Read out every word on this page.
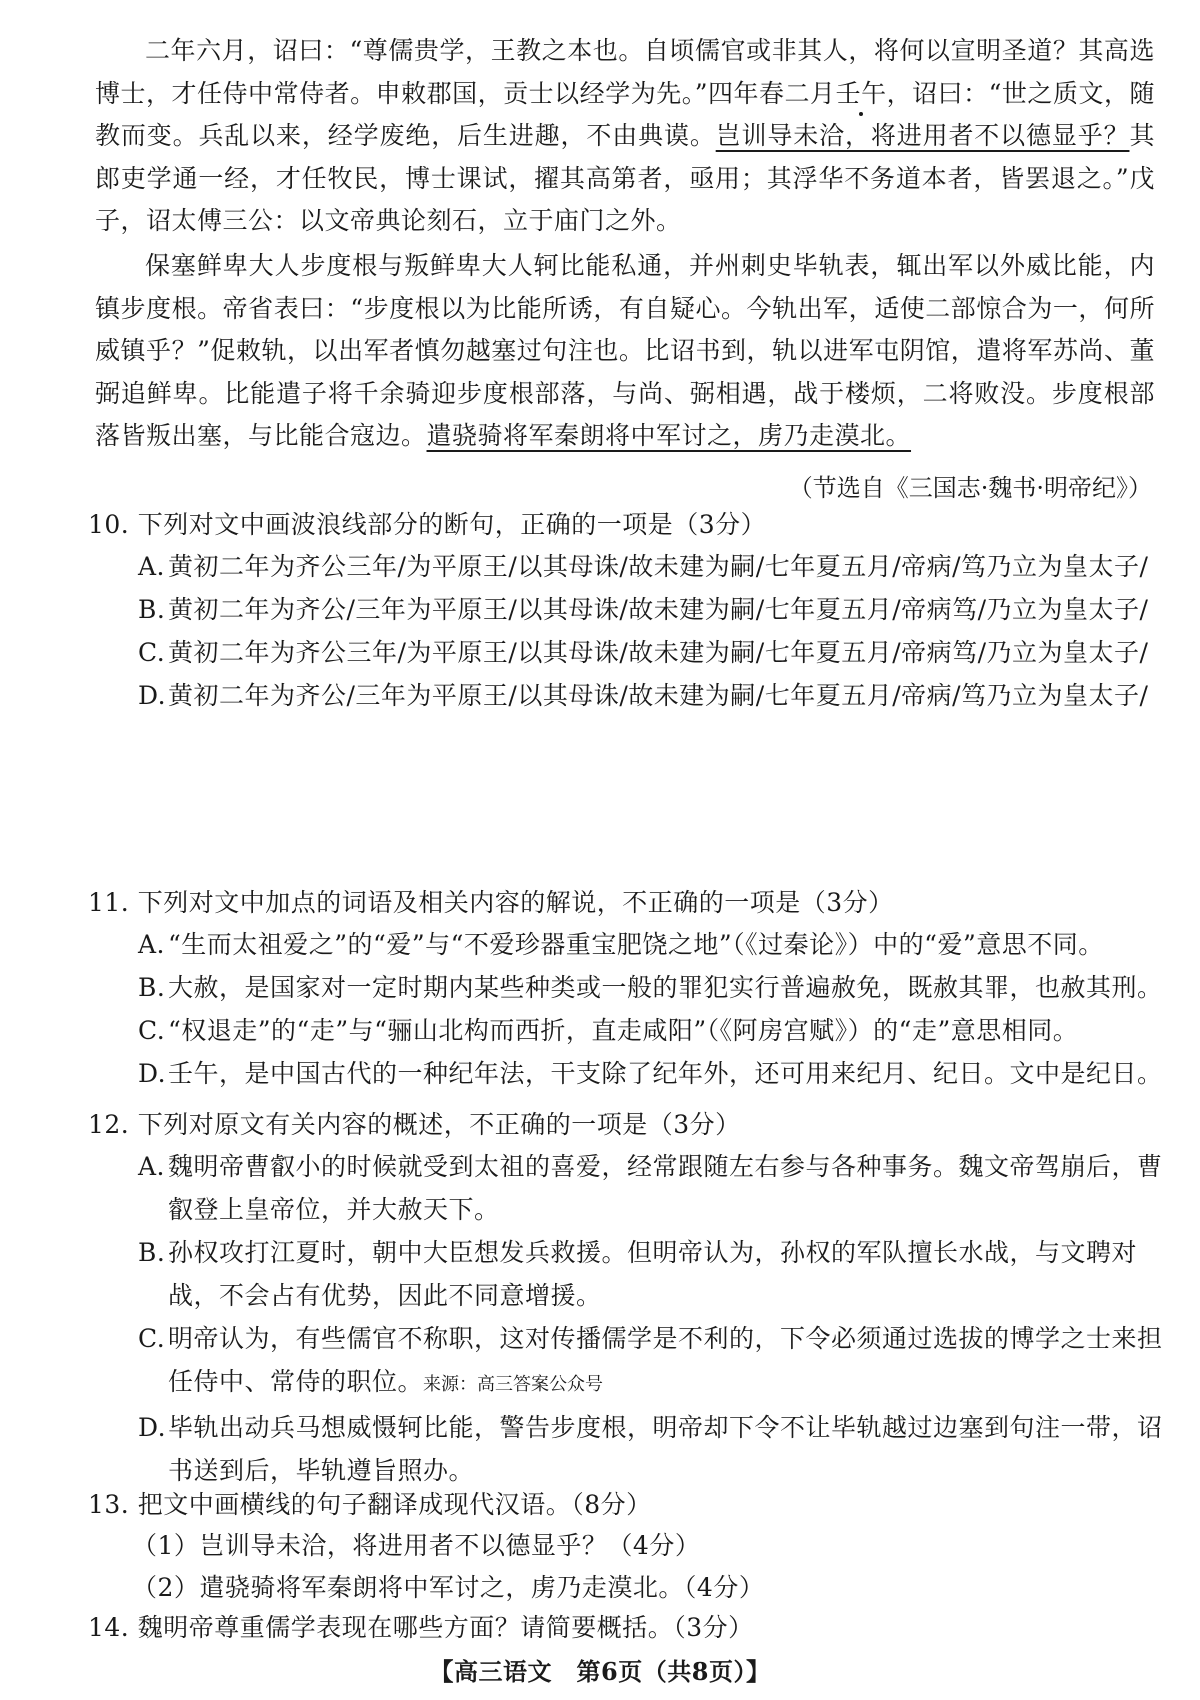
二年六月，诏曰：“尊儒贵学，王教之本也。自顷儒官或非其人，将何以宣明圣道？其高选博士，才任侍中常侍者。申敕郡国，贡士以经学为先。”四年春二月壬午，诏曰：“世之质文，随教而变。兵乱以来，经学废绝，后生进趣，不由典谟。岂训导未洽，将进用者不以德显乎？其郎吏学通一经，才任牧民，博士课试，擢其高第者，亟用；其浮华不务道本者，皆罢退之。”戊子，诏太傅三公：以文帝典论刻石，立于庙门之外。

保塞鲜卑大人步度根与叛鲜卑大人轲比能私通，并州刺史毕轨表，辄出军以外威比能，内镇步度根。帝省表曰：“步度根以为比能所诱，有自疑心。今轨出军，适使二部惊合为一，何所威镇乎？”促敕轨，以出军者慎勿越塞过句注也。比诏书到，轨以进军屯阴馆，遣将军苏尚、董弼追鲜卑。比能遣子将千余骑迎步度根部落，与尚、弼相遇，战于楼烦，二将败没。步度根部落皆叛出塞，与比能合寇边。遣骁骑将军秦朗将中军讨之，虏乃走漠北。

（节选自《三国志·魏书·明帝纪》）

10. 下列对文中画波浪线部分的断句，正确的一项是（3分）

A. 黄初二年为齐公三年/为平原王/以其母诛/故未建为嗣/七年夏五月/帝病/笃乃立为皇太子/

B. 黄初二年为齐公/三年为平原王/以其母诛/故未建为嗣/七年夏五月/帝病笃/乃立为皇太子/

C. 黄初二年为齐公三年/为平原王/以其母诛/故未建为嗣/七年夏五月/帝病笃/乃立为皇太子/

D.黄初二年为齐公/三年为平原王/以其母诛/故未建为嗣/七年夏五月/帝病/笃乃立为皇太子/

11. 下列对文中加点的词语及相关内容的解说，不正确的一项是（3分）

A. “生而太祖爱之”的“爱”与“不爱珍器重宝肥饶之地”（《过秦论》）中的“爱”意思不同。

B. 大赦，是国家对一定时期内某些种类或一般的罪犯实行普遍赦免，既赦其罪，也赦其刑。

C. “权退走”的“走”与“骊山北构而西折，直走咸阳”（《阿房宫赋》）的“走”意思相同。

D.壬午，是中国古代的一种纪年法，干支除了纪年外，还可用来纪月、纪日。文中是纪日。

12. 下列对原文有关内容的概述，不正确的一项是（3分）

A. 魏明帝曹叡小的时候就受到太祖的喜爱，经常跟随左右参与各种事务。魏文帝驾崩后，曹叡登上皇帝位，并大赦天下。

B. 孙权攻打江夏时，朝中大臣想发兵救援。但明帝认为，孙权的军队擅长水战，与文聘对战，不会占有优势，因此不同意增援。

C. 明帝认为，有些儒官不称职，这对传播儒学是不利的，下令必须通过选拔的博学之士来担任侍中、常侍的职位。来源：高三答案公众号

D.毕轨出动兵马想威慑轲比能，警告步度根，明帝却下令不让毕轨越过边塞到句注一带，诏书送到后，毕轨遵旨照办。

13. 把文中画横线的句子翻译成现代汉语。（8分）

（1）岂训导未洽，将进用者不以德显乎？（4分）

（2）遣骁骑将军秦朗将中军讨之，虏乃走漠北。（4分）

14. 魏明帝尊重儒学表现在哪些方面？请简要概括。（3分）

【高三语文　第6页（共8页）】
